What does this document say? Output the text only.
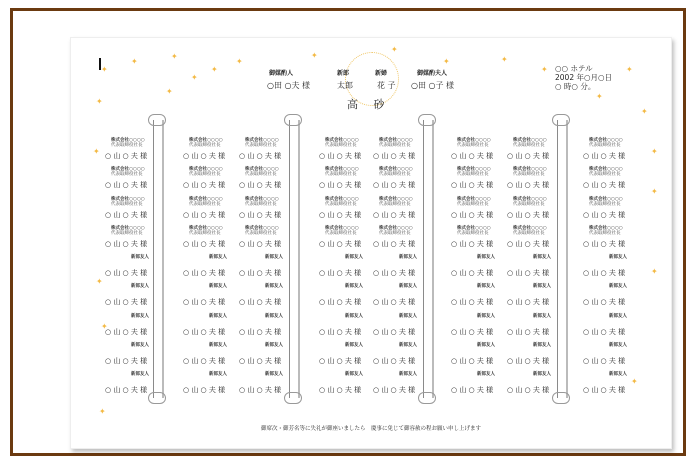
御媒酌人	新郎	新婦	御媒酌夫人
○田 ○夫 様	太郎	花 子 ○田 ○子 様
高 砂
○○ ホテル
2002 年○月○日
○ 時○ 分。
✦
✦
✦
✦
✦
✦
✦
✦
✦	✦
✦
✦
✦
✦
✦
✦
✦
✦
✦
✦
✦
✦
✦
✦
株式会社○○○○
代表取締役社長
○ 山 ○ 夫 様
株式会社○○○○
代表取締役社長
○ 山 ○ 夫 様
株式会社○○○○
代表取締役社長
○ 山 ○ 夫 様
株式会社○○○○
代表取締役社長
○ 山 ○ 夫 様
新郎友人
○ 山 ○ 夫 様
新郎友人
○ 山 ○ 夫 様
新郎友人
○ 山 ○ 夫 様
新郎友人
○ 山 ○ 夫 様
新郎友人
○ 山 ○ 夫 様
株式会社○○○○
代表取締役社長
○ 山 ○ 夫 様
株式会社○○○○
代表取締役社長
○ 山 ○ 夫 様
株式会社○○○○
代表取締役社長
○ 山 ○ 夫 様
株式会社○○○○
代表取締役社長
○ 山 ○ 夫 様
新郎友人
○ 山 ○ 夫 様
新郎友人
○ 山 ○ 夫 様
新郎友人
○ 山 ○ 夫 様
新郎友人
○ 山 ○ 夫 様
新郎友人
○ 山 ○ 夫 様
株式会社○○○○
代表取締役社長
○ 山 ○ 夫 様
株式会社○○○○
代表取締役社長
○ 山 ○ 夫 様
株式会社○○○○
代表取締役社長
○ 山 ○ 夫 様
株式会社○○○○
代表取締役社長
○ 山 ○ 夫 様
新郎友人
○ 山 ○ 夫 様
新郎友人
○ 山 ○ 夫 様
新郎友人
○ 山 ○ 夫 様
新郎友人
○ 山 ○ 夫 様
新郎友人
○ 山 ○ 夫 様
株式会社○○○○
代表取締役社長
○ 山 ○ 夫 様
株式会社○○○○
代表取締役社長
○ 山 ○ 夫 様
株式会社○○○○
代表取締役社長
○ 山 ○ 夫 様
株式会社○○○○
代表取締役社長
○ 山 ○ 夫 様
新郎友人
○ 山 ○ 夫 様
新郎友人
○ 山 ○ 夫 様
新郎友人
○ 山 ○ 夫 様
新郎友人
○ 山 ○ 夫 様
新郎友人
○ 山 ○ 夫 様
株式会社○○○○
代表取締役社長
○ 山 ○ 夫 様
株式会社○○○○
代表取締役社長
○ 山 ○ 夫 様
株式会社○○○○
代表取締役社長
○ 山 ○ 夫 様
株式会社○○○○
代表取締役社長
○ 山 ○ 夫 様
新郎友人
○ 山 ○ 夫 様
新郎友人
○ 山 ○ 夫 様
新郎友人
○ 山 ○ 夫 様
新郎友人
○ 山 ○ 夫 様
新郎友人
○ 山 ○ 夫 様
株式会社○○○○
代表取締役社長
○ 山 ○ 夫 様
株式会社○○○○
代表取締役社長
○ 山 ○ 夫 様
株式会社○○○○
代表取締役社長
○ 山 ○ 夫 様
株式会社○○○○
代表取締役社長
○ 山 ○ 夫 様
新郎友人
○ 山 ○ 夫 様
新郎友人
○ 山 ○ 夫 様
新郎友人
○ 山 ○ 夫 様
新郎友人
○ 山 ○ 夫 様
新郎友人
○ 山 ○ 夫 様
株式会社○○○○
代表取締役社長
○ 山 ○ 夫 様
株式会社○○○○
代表取締役社長
○ 山 ○ 夫 様
株式会社○○○○
代表取締役社長
○ 山 ○ 夫 様
株式会社○○○○
代表取締役社長
○ 山 ○ 夫 様
新郎友人
○ 山 ○ 夫 様
新郎友人
○ 山 ○ 夫 様
新郎友人
○ 山 ○ 夫 様
新郎友人
○ 山 ○ 夫 様
新郎友人
○ 山 ○ 夫 様
株式会社○○○○
代表取締役社長
○ 山 ○ 夫 様
株式会社○○○○
代表取締役社長
○ 山 ○ 夫 様
株式会社○○○○
代表取締役社長
○ 山 ○ 夫 様
株式会社○○○○
代表取締役社長
○ 山 ○ 夫 様
新郎友人
○ 山 ○ 夫 様
新郎友人
○ 山 ○ 夫 様
新郎友人
○ 山 ○ 夫 様
新郎友人
○ 山 ○ 夫 様
新郎友人
○ 山 ○ 夫 様
御席次・御芳名等に失礼が御座いましたら　慶事に免じて御容赦の程お願い申し上げます
